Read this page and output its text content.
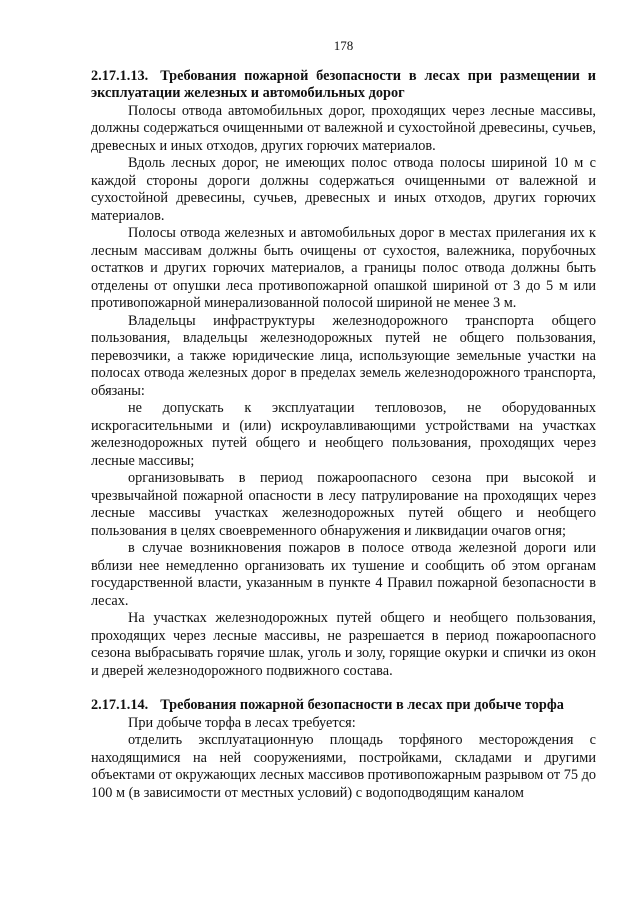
178

2.17.1.13. Требования пожарной безопасности в лесах при размещении и эксплуатации железных и автомобильных дорог

Полосы отвода автомобильных дорог, проходящих через лесные массивы, должны содержаться очищенными от валежной и сухостойной древесины, сучьев, древесных и иных отходов, других горючих материалов.

Вдоль лесных дорог, не имеющих полос отвода полосы шириной 10 м с каждой стороны дороги должны содержаться очищенными от валежной и сухостойной древесины, сучьев, древесных и иных отходов, других горючих материалов.

Полосы отвода железных и автомобильных дорог в местах прилегания их к лесным массивам должны быть очищены от сухостоя, валежника, порубочных остатков и других горючих материалов, а границы полос отвода должны быть отделены от опушки леса противопожарной опашкой шириной от 3 до 5 м или противопожарной минерализованной полосой шириной не менее 3 м.

Владельцы инфраструктуры железнодорожного транспорта общего пользования, владельцы железнодорожных путей не общего пользования, перевозчики, а также юридические лица, использующие земельные участки на полосах отвода железных дорог в пределах земель железнодорожного транспорта, обязаны:

не допускать к эксплуатации тепловозов, не оборудованных искрогасительными и (или) искроулавливающими устройствами на участках железнодорожных путей общего и необщего пользования, проходящих через лесные массивы;

организовывать в период пожароопасного сезона при высокой и чрезвычайной пожарной опасности в лесу патрулирование на проходящих через лесные массивы участках железнодорожных путей общего и необщего пользования в целях своевременного обнаружения и ликвидации очагов огня;

в случае возникновения пожаров в полосе отвода железной дороги или вблизи нее немедленно организовать их тушение и сообщить об этом органам государственной власти, указанным в пункте 4 Правил пожарной безопасности в лесах.

На участках железнодорожных путей общего и необщего пользования, проходящих через лесные массивы, не разрешается в период пожароопасного сезона выбрасывать горячие шлак, уголь и золу, горящие окурки и спички из окон и дверей железнодорожного подвижного состава.

2.17.1.14. Требования пожарной безопасности в лесах при добыче торфа

При добыче торфа в лесах требуется:

отделить эксплуатационную площадь торфяного месторождения с находящимися на ней сооружениями, постройками, складами и другими объектами от окружающих лесных массивов противопожарным разрывом от 75 до 100 м (в зависимости от местных условий) с водоподводящим каналом
